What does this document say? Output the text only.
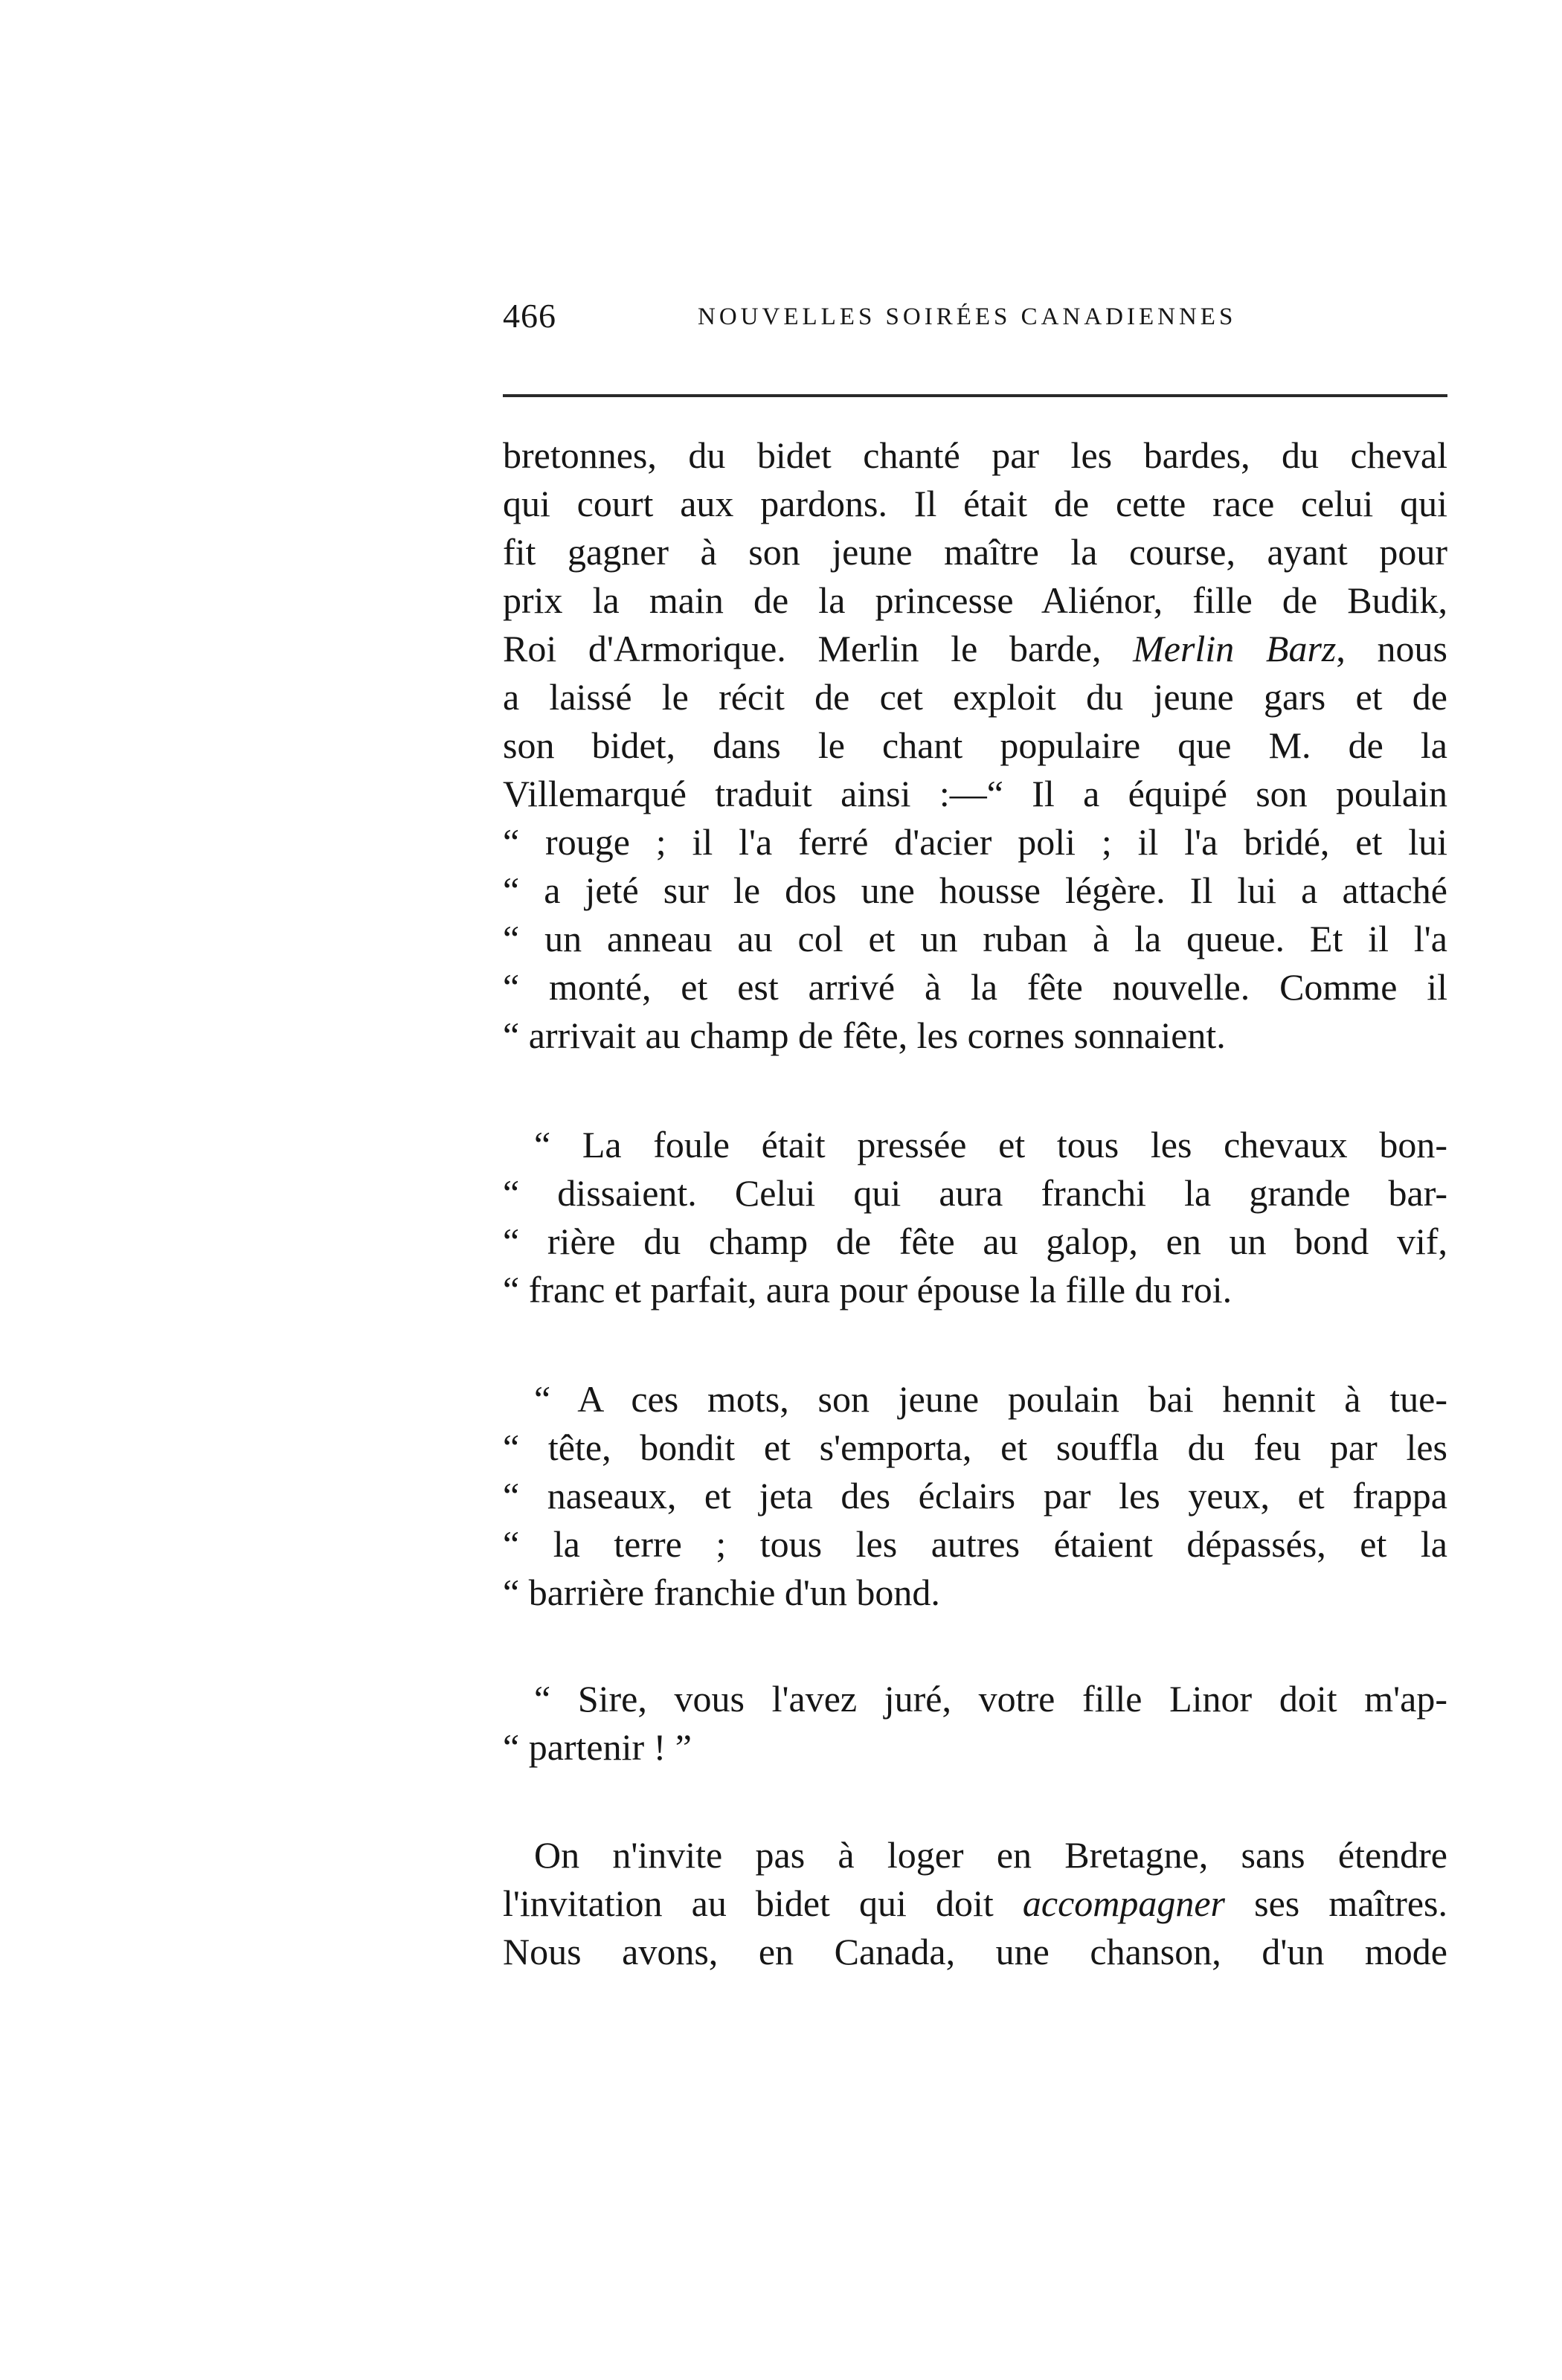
466	NOUVELLES SOIRÉES CANADIENNES
bretonnes, du bidet chanté par les bardes, du cheval
qui court aux pardons. Il était de cette race celui qui
fit gagner à son jeune maître la course, ayant pour
prix la main de la princesse Aliénor, fille de Budik,
Roi d'Armorique. Merlin le barde, Merlin Barz, nous
a laissé le récit de cet exploit du jeune gars et de
son bidet, dans le chant populaire que M. de la
Villemarqué traduit ainsi :—“ Il a équipé son poulain
“ rouge ; il l'a ferré d'acier poli ; il l'a bridé, et lui
“ a jeté sur le dos une housse légère. Il lui a attaché
“ un anneau au col et un ruban à la queue. Et il l'a
“ monté, et est arrivé à la fête nouvelle. Comme il
“ arrivait au champ de fête, les cornes sonnaient.
“ La foule était pressée et tous les chevaux bon-
“ dissaient. Celui qui aura franchi la grande bar-
“ rière du champ de fête au galop, en un bond vif,
“ franc et parfait, aura pour épouse la fille du roi.
“ A ces mots, son jeune poulain bai hennit à tue-
“ tête, bondit et s'emporta, et souffla du feu par les
“ naseaux, et jeta des éclairs par les yeux, et frappa
“ la terre ; tous les autres étaient dépassés, et la
“ barrière franchie d'un bond.
“ Sire, vous l'avez juré, votre fille Linor doit m'ap-
“ partenir ! ”
On n'invite pas à loger en Bretagne, sans étendre
l'invitation au bidet qui doit accompagner ses maîtres.
Nous avons, en Canada, une chanson, d'un mode
